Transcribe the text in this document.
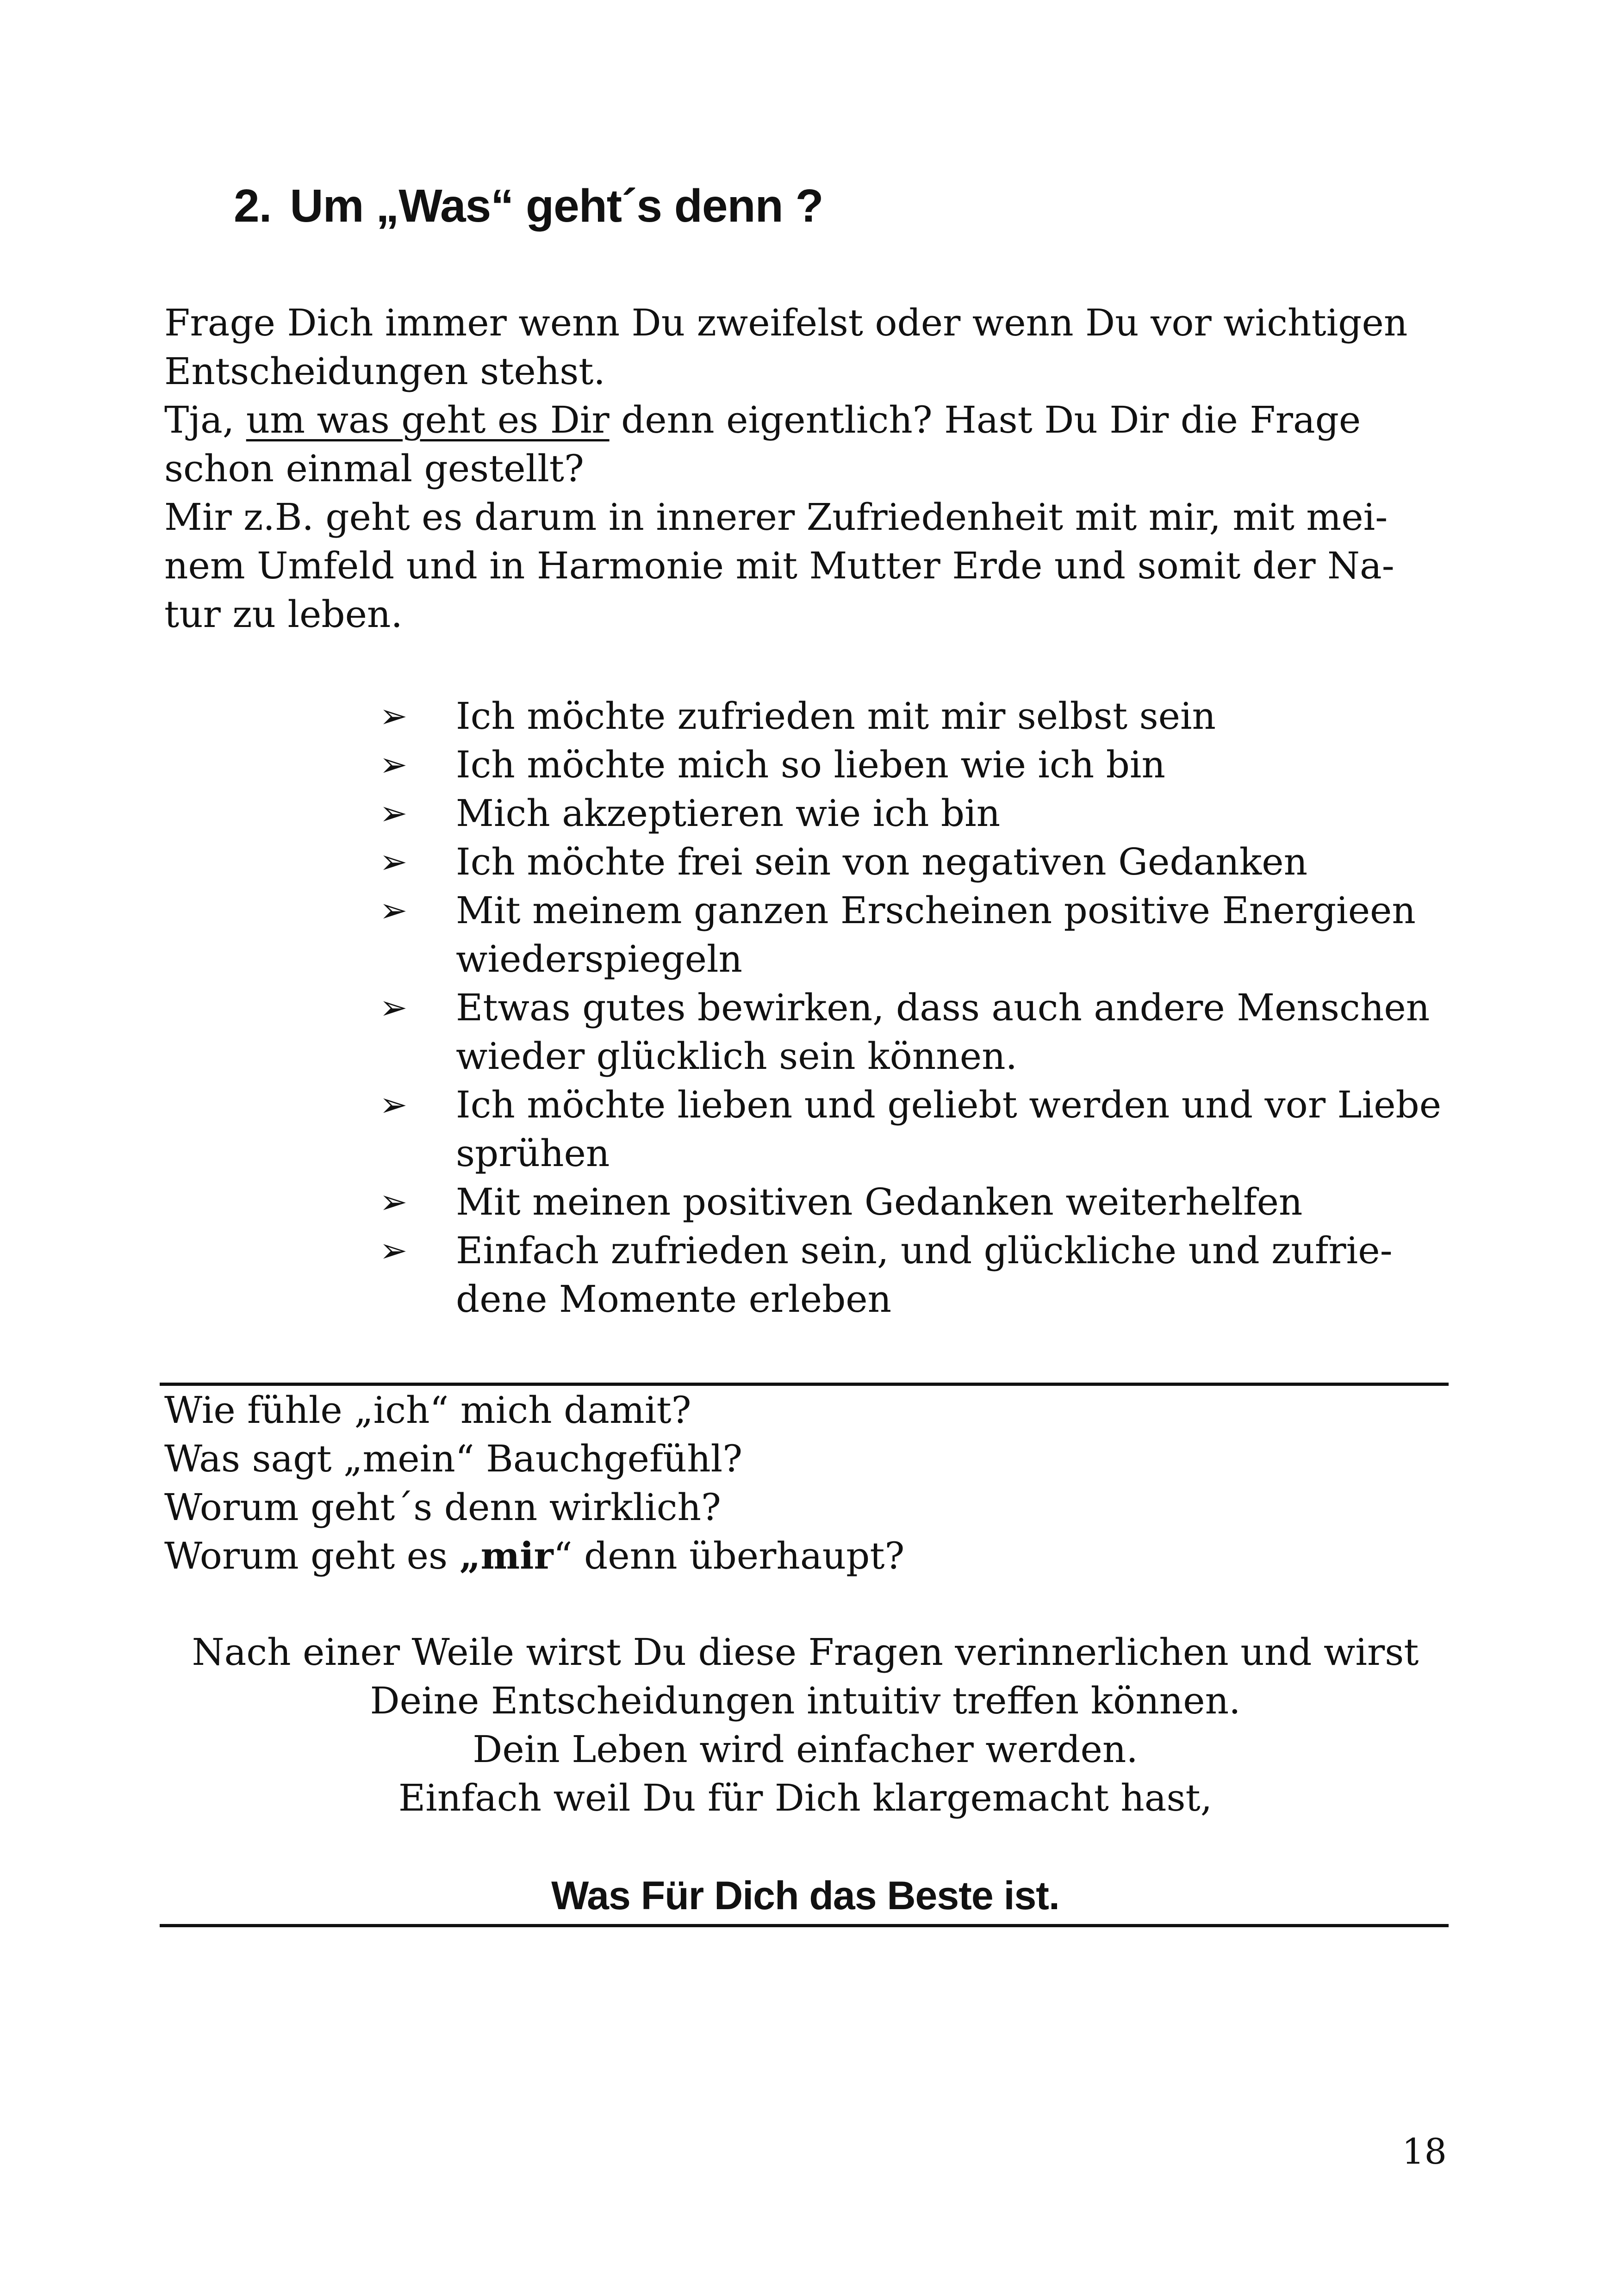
2. Um „Was“ geht´s denn ?
Frage Dich immer wenn Du zweifelst oder wenn Du vor wichtigen
Entscheidungen stehst.
Tja, um was geht es Dir denn eigentlich? Hast Du Dir die Frage
schon einmal gestellt?
Mir z.B. geht es darum in innerer Zufriedenheit mit mir, mit mei-
nem Umfeld und in Harmonie mit Mutter Erde und somit der Na-
tur zu leben.
➢	Ich möchte zufrieden mit mir selbst sein
➢	Ich möchte mich so lieben wie ich bin
➢	Mich akzeptieren wie ich bin
➢	Ich möchte frei sein von negativen Gedanken
➢	Mit meinem ganzen Erscheinen positive Energieen wiederspiegeln
➢	Etwas gutes bewirken, dass auch andere Menschen wieder glücklich sein können.
➢	Ich möchte lieben und geliebt werden und vor Liebe sprühen
➢	Mit meinen positiven Gedanken weiterhelfen
➢	Einfach zufrieden sein, und glückliche und zufrie-dene Momente erleben
Wie fühle „ich“ mich damit?
Was sagt „mein“ Bauchgefühl?
Worum geht´s denn wirklich?
Worum geht es „mir“ denn überhaupt?
Nach einer Weile wirst Du diese Fragen verinnerlichen und wirst
Deine Entscheidungen intuitiv treffen können.
Dein Leben wird einfacher werden.
Einfach weil Du für Dich klargemacht hast,
Was Für Dich das Beste ist.
18
